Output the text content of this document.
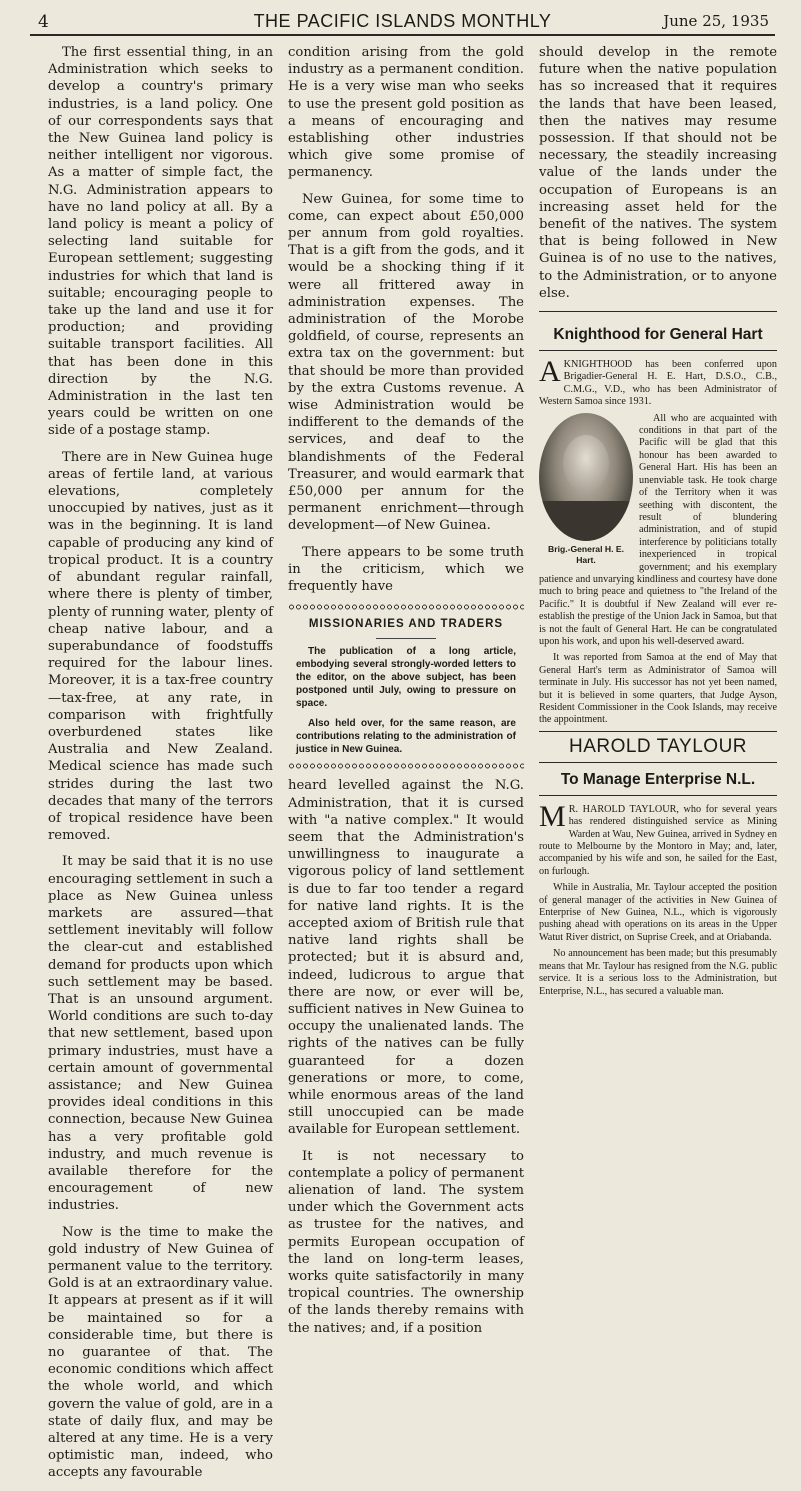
4	THE PACIFIC ISLANDS MONTHLY	June 25, 1935

The first essential thing, in an Administration which seeks to develop a country's primary industries, is a land policy. One of our correspondents says that the New Guinea land policy is neither intelligent nor vigorous. As a matter of simple fact, the N.G. Administration appears to have no land policy at all. By a land policy is meant a policy of selecting land suitable for European settlement; suggesting industries for which that land is suitable; encouraging people to take up the land and use it for production; and providing suitable transport facilities. All that has been done in this direction by the N.G. Administration in the last ten years could be written on one side of a postage stamp.

There are in New Guinea huge areas of fertile land, at various elevations, completely unoccupied by natives, just as it was in the beginning. It is land capable of producing any kind of tropical product. It is a country of abundant regular rainfall, where there is plenty of timber, plenty of running water, plenty of cheap native labour, and a superabundance of foodstuffs required for the labour lines. Moreover, it is a tax-free country—tax-free, at any rate, in comparison with frightfully overburdened states like Australia and New Zealand. Medical science has made such strides during the last two decades that many of the terrors of tropical residence have been removed.

It may be said that it is no use encouraging settlement in such a place as New Guinea unless markets are assured—that settlement inevitably will follow the clear-cut and established demand for products upon which such settlement may be based. That is an unsound argument. World conditions are such to-day that new settlement, based upon primary industries, must have a certain amount of governmental assistance; and New Guinea provides ideal conditions in this connection, because New Guinea has a very profitable gold industry, and much revenue is available therefore for the encouragement of new industries.

Now is the time to make the gold industry of New Guinea of permanent value to the territory. Gold is at an extraordinary value. It appears at present as if it will be maintained so for a considerable time, but there is no guarantee of that. The economic conditions which affect the whole world, and which govern the value of gold, are in a state of daily flux, and may be altered at any time. He is a very optimistic man, indeed, who accepts any favourable

condition arising from the gold industry as a permanent condition. He is a very wise man who seeks to use the present gold position as a means of encouraging and establishing other industries which give some promise of permanency.

New Guinea, for some time to come, can expect about £50,000 per annum from gold royalties. That is a gift from the gods, and it would be a shocking thing if it were all frittered away in administration expenses. The administration of the Morobe goldfield, of course, represents an extra tax on the government: but that should be more than provided by the extra Customs revenue. A wise Administration would be indifferent to the demands of the services, and deaf to the blandishments of the Federal Treasurer, and would earmark that £50,000 per annum for the permanent enrichment—through development—of New Guinea.

There appears to be some truth in the criticism, which we frequently have

MISSIONARIES AND TRADERS
The publication of a long article, embodying several strongly-worded letters to the editor, on the above subject, has been postponed until July, owing to pressure on space.
Also held over, for the same reason, are contributions relating to the administration of justice in New Guinea.

heard levelled against the N.G. Administration, that it is cursed with "a native complex." It would seem that the Administration's unwillingness to inaugurate a vigorous policy of land settlement is due to far too tender a regard for native land rights. It is the accepted axiom of British rule that native land rights shall be protected; but it is absurd and, indeed, ludicrous to argue that there are now, or ever will be, sufficient natives in New Guinea to occupy the unalienated lands. The rights of the natives can be fully guaranteed for a dozen generations or more, to come, while enormous areas of the land still unoccupied can be made available for European settlement.

It is not necessary to contemplate a policy of permanent alienation of land. The system under which the Government acts as trustee for the natives, and permits European occupation of the land on long-term leases, works quite satisfactorily in many tropical countries. The ownership of the lands thereby remains with the natives; and, if a position

should develop in the remote future when the native population has so increased that it requires the lands that have been leased, then the natives may resume possession. If that should not be necessary, the steadily increasing value of the lands under the occupation of Europeans is an increasing asset held for the benefit of the natives. The system that is being followed in New Guinea is of no use to the natives, to the Administration, or to anyone else.

Knighthood for General Hart

AKNIGHTHOOD has been conferred upon Brigadier-General H. E. Hart, D.S.O., C.B., C.M.G., V.D., who has been Administrator of Western Samoa since 1931.

Brig.-General H. E. Hart.

All who are acquainted with conditions in that part of the Pacific will be glad that this honour has been awarded to General Hart. His has been an unenviable task. He took charge of the Territory when it was seething with discontent, the result of blundering administration, and of stupid interference by politicians totally inexperienced in tropical government; and his exemplary patience and unvarying kindliness and courtesy have done much to bring peace and quietness to "the Ireland of the Pacific." It is doubtful if New Zealand will ever re-establish the prestige of the Union Jack in Samoa, but that is not the fault of General Hart. He can be congratulated upon his work, and upon his well-deserved award.

It was reported from Samoa at the end of May that General Hart's term as Administrator of Samoa will terminate in July. His successor has not yet been named, but it is believed in some quarters, that Judge Ayson, Resident Commissioner in the Cook Islands, may receive the appointment.

HAROLD TAYLOUR
To Manage Enterprise N.L.

M R. HAROLD TAYLOUR, who for several years has rendered distinguished service as Mining Warden at Wau, New Guinea, arrived in Sydney en route to Melbourne by the Montoro in May; and, later, accompanied by his wife and son, he sailed for the East, on furlough.

While in Australia, Mr. Taylour accepted the position of general manager of the activities in New Guinea of Enterprise of New Guinea, N.L., which is vigorously pushing ahead with operations on its areas in the Upper Watut River district, on Suprise Creek, and at Oriabanda.

No announcement has been made; but this presumably means that Mr. Taylour has resigned from the N.G. public service. It is a serious loss to the Administration, but Enterprise, N.L., has secured a valuable man.
